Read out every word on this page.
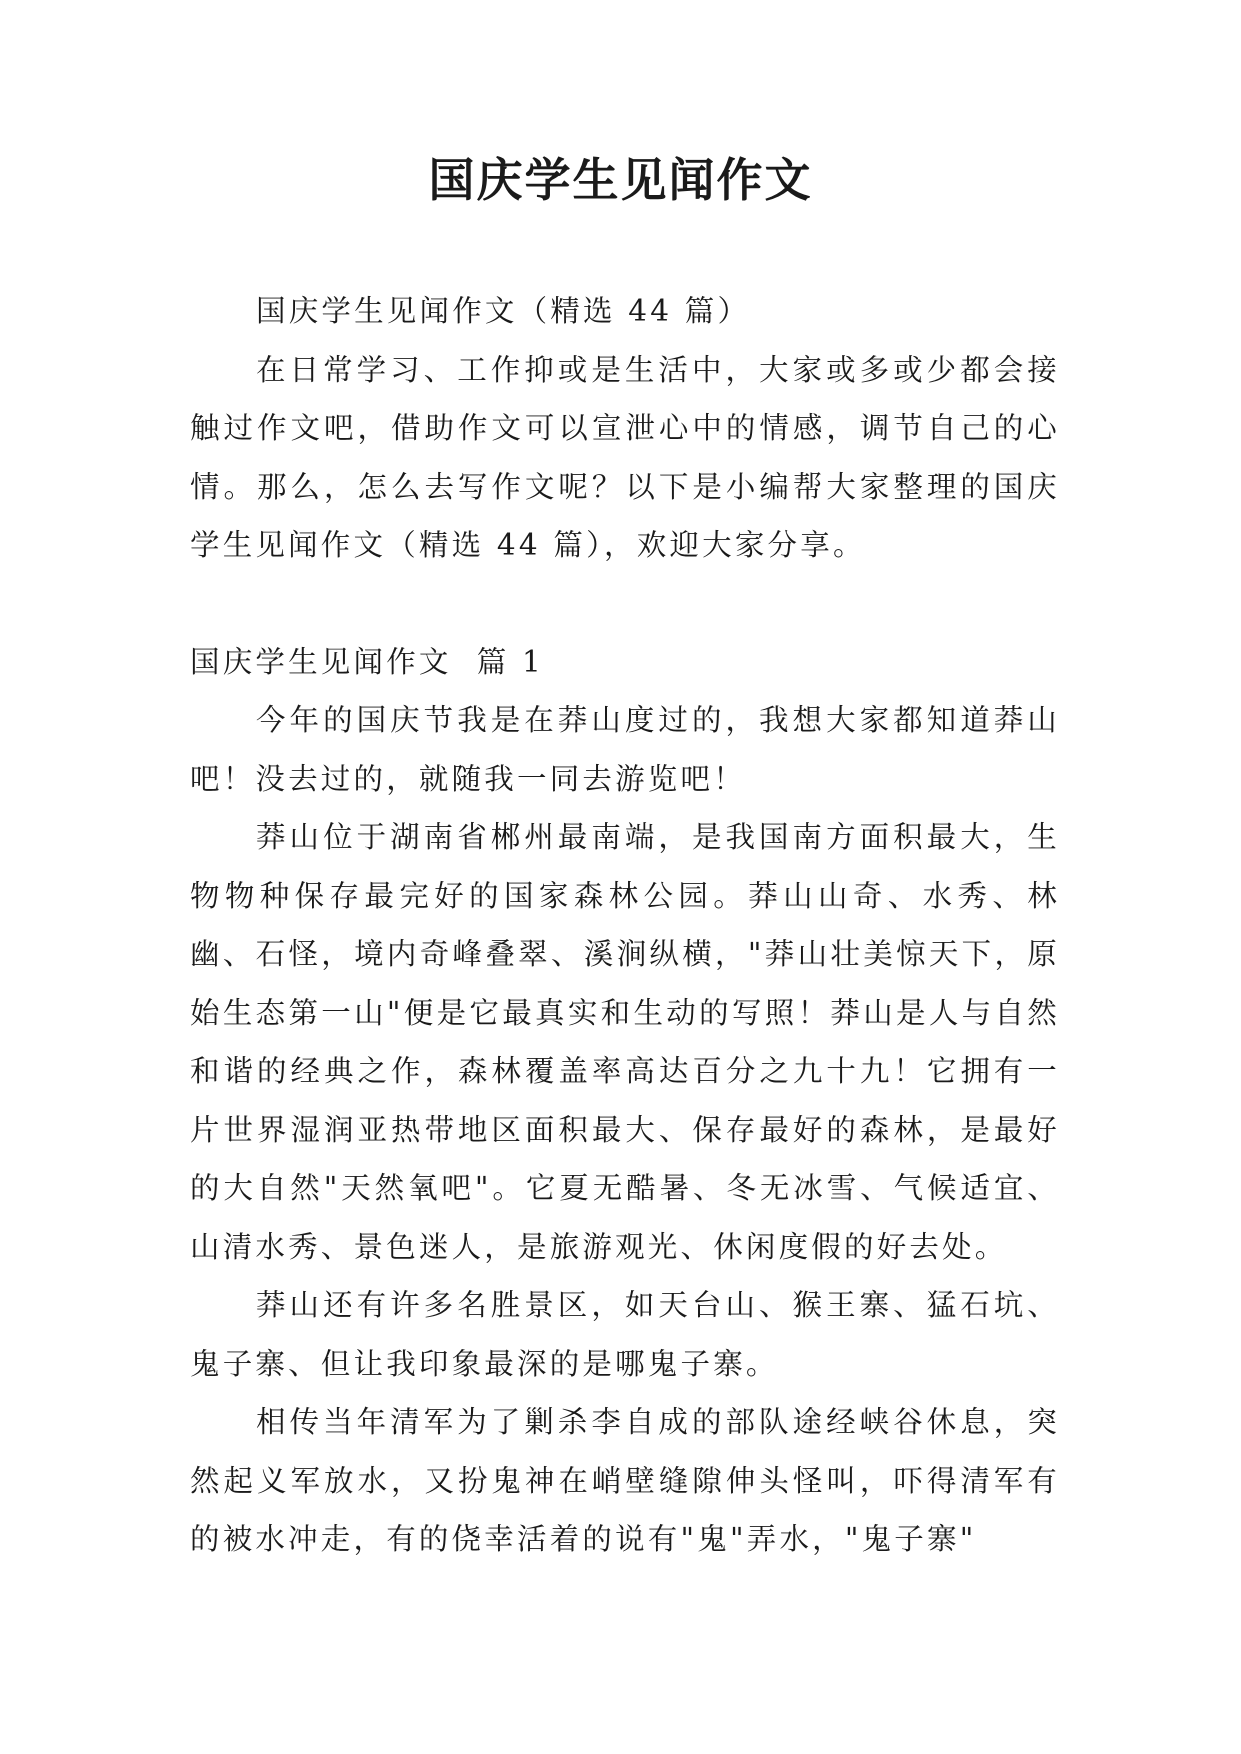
国庆学生见闻作文

国庆学生见闻作文（精选 44 篇）

在日常学习、工作抑或是生活中，大家或多或少都会接触过作文吧，借助作文可以宣泄心中的情感，调节自己的心情。那么，怎么去写作文呢？以下是小编帮大家整理的国庆学生见闻作文（精选 44 篇），欢迎大家分享。

国庆学生见闻作文  篇 1

今年的国庆节我是在莽山度过的，我想大家都知道莽山吧！没去过的，就随我一同去游览吧！

莽山位于湖南省郴州最南端，是我国南方面积最大，生物物种保存最完好的国家森林公园。莽山山奇、水秀、林幽、石怪，境内奇峰叠翠、溪涧纵横，"莽山壮美惊天下，原始生态第一山"便是它最真实和生动的写照！莽山是人与自然和谐的经典之作，森林覆盖率高达百分之九十九！它拥有一片世界湿润亚热带地区面积最大、保存最好的森林，是最好的大自然"天然氧吧"。它夏无酷暑、冬无冰雪、气候适宜、山清水秀、景色迷人，是旅游观光、休闲度假的好去处。

莽山还有许多名胜景区，如天台山、猴王寨、猛石坑、鬼子寨、但让我印象最深的是哪鬼子寨。

相传当年清军为了剿杀李自成的部队途经峡谷休息，突然起义军放水，又扮鬼神在峭壁缝隙伸头怪叫，吓得清军有的被水冲走，有的侥幸活着的说有"鬼"弄水，"鬼子寨"
